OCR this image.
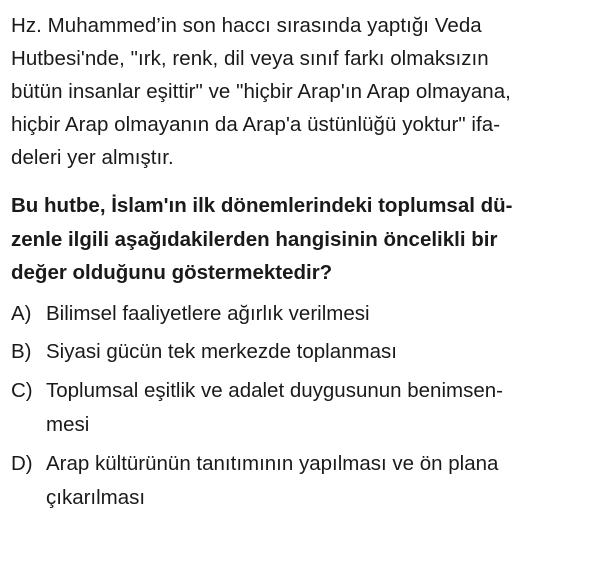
Hz. Muhammed’in son haccı sırasında yaptığı Veda
Hutbesi'nde, "ırk, renk, dil veya sınıf farkı olmaksızın
bütün insanlar eşittir" ve "hiçbir Arap'ın Arap olmayana,
hiçbir Arap olmayanın da Arap'a üstünlüğü yoktur" ifa-
deleri yer almıştır.
Bu hutbe, İslam'ın ilk dönemlerindeki toplumsal dü-
zenle ilgili aşağıdakilerden hangisinin öncelikli bir
değer olduğunu göstermektedir?
A) Bilimsel faaliyetlere ağırlık verilmesi
B) Siyasi gücün tek merkezde toplanması
C) Toplumsal eşitlik ve adalet duygusunun benimsen-
mesi
D) Arap kültürünün tanıtımının yapılması ve ön plana
çıkarılması
